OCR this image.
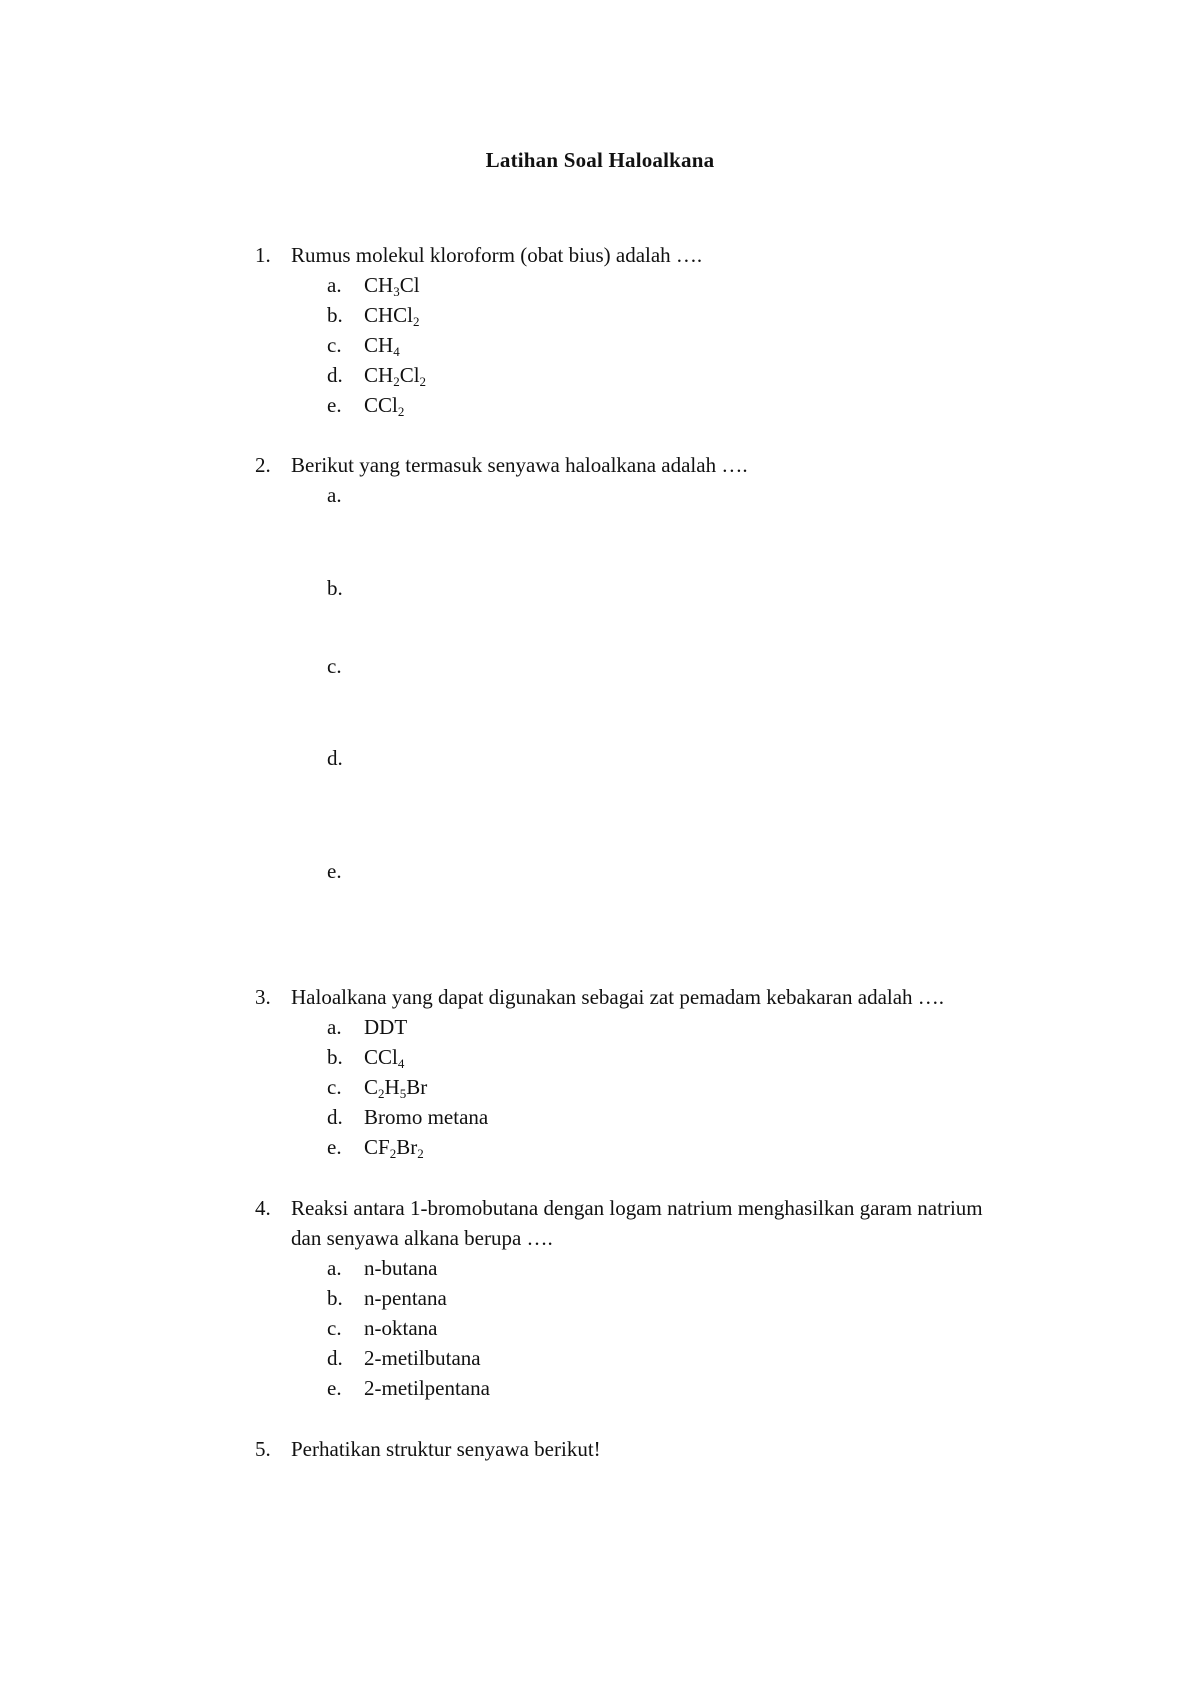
Latihan Soal Haloalkana
1. Rumus molekul kloroform (obat bius) adalah ….
a. $CH_3Cl$
b. CHCl$_2$
c. $CH_4$
d. $CH_2Cl_2$
e. CCl$_2$
2. Berikut yang termasuk senyawa haloalkana adalah ….
a.
b.
c.
d.
e.
3. Haloalkana yang dapat digunakan sebagai zat pemadam kebakaran adalah ….
a. DDT
b. CCl$_4$
c. $C_2H_5Br$
d. Bromo metana
e. $CF_2Br_2$
4. Reaksi antara 1-bromobutana dengan logam natrium menghasilkan garam natrium dan senyawa alkana berupa ….
a. n-butana
b. n-pentana
c. n-oktana
d. 2-metilbutana
e. 2-metilpentana
5. Perhatikan struktur senyawa berikut!
